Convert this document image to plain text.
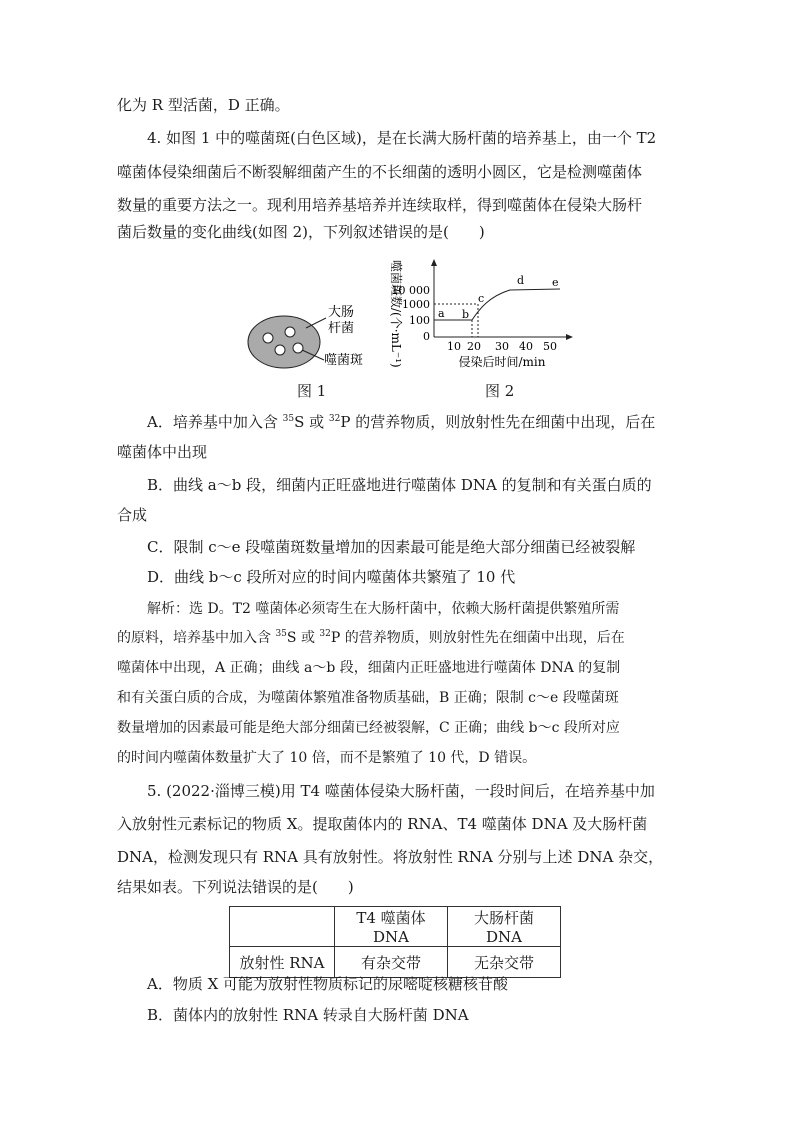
化为 R 型活菌，D 正确。
4. 如图 1 中的噬菌斑(白色区域)，是在长满大肠杆菌的培养基上，由一个 T2
噬菌体侵染细菌后不断裂解细菌产生的不长细菌的透明小圆区，它是检测噬菌体
数量的重要方法之一。现利用培养基培养并连续取样，得到噬菌体在侵染大肠杆
菌后数量的变化曲线(如图 2)，下列叙述错误的是(　　)
大肠
杆菌
噬菌斑
图 1
噬菌斑数/(个·mL⁻¹)
10 000
1000
100
0
a b
c
d	e
10 20 30 40 50
侵染后时间/min
图 2
A．培养基中加入含 $^{35}$S 或 $^{32}$P 的营养物质，则放射性先在细菌中出现，后在
噬菌体中出现
B．曲线 a～b 段，细菌内正旺盛地进行噬菌体 DNA 的复制和有关蛋白质的
合成
C．限制 c～e 段噬菌斑数量增加的因素最可能是绝大部分细菌已经被裂解
D．曲线 b～c 段所对应的时间内噬菌体共繁殖了 10 代
解析：选 D。T2 噬菌体必须寄生在大肠杆菌中，依赖大肠杆菌提供繁殖所需
的原料，培养基中加入含 $^{35}$S 或 $^{32}$P 的营养物质，则放射性先在细菌中出现，后在
噬菌体中出现，A 正确；曲线 a～b 段，细菌内正旺盛地进行噬菌体 DNA 的复制
和有关蛋白质的合成，为噬菌体繁殖准备物质基础，B 正确；限制 c～e 段噬菌斑
数量增加的因素最可能是绝大部分细菌已经被裂解，C 正确；曲线 b～c 段所对应
的时间内噬菌体数量扩大了 10 倍，而不是繁殖了 10 代，D 错误。
5. (2022·淄博三模)用 T4 噬菌体侵染大肠杆菌，一段时间后，在培养基中加
入放射性元素标记的物质 X。提取菌体内的 RNA、T4 噬菌体 DNA 及大肠杆菌
DNA，检测发现只有 RNA 具有放射性。将放射性 RNA 分别与上述 DNA 杂交，
结果如表。下列说法错误的是(　　)
	T4 噬菌体 DNA	大肠杆菌 DNA
放射性 RNA	有杂交带	无杂交带
A．物质 X 可能为放射性物质标记的尿嘧啶核糖核苷酸
B．菌体内的放射性 RNA 转录自大肠杆菌 DNA
